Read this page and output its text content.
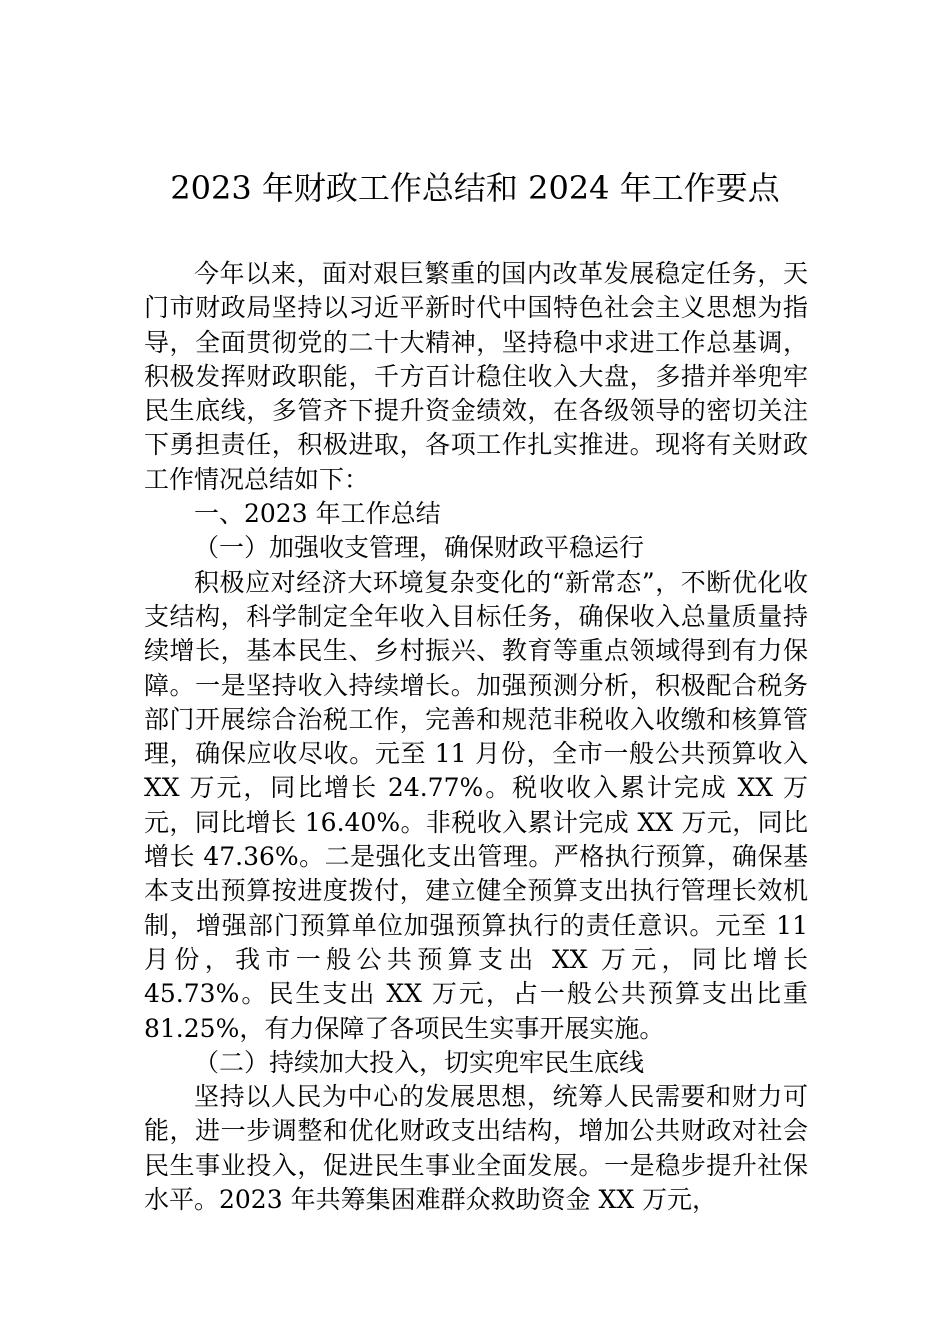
2023 年财政工作总结和 2024 年工作要点

今年以来，面对艰巨繁重的国内改革发展稳定任务，天门市财政局坚持以习近平新时代中国特色社会主义思想为指导，全面贯彻党的二十大精神，坚持稳中求进工作总基调，积极发挥财政职能，千方百计稳住收入大盘，多措并举兜牢民生底线，多管齐下提升资金绩效，在各级领导的密切关注下勇担责任，积极进取，各项工作扎实推进。现将有关财政工作情况总结如下：

一、2023 年工作总结

（一）加强收支管理，确保财政平稳运行

积极应对经济大环境复杂变化的“新常态”，不断优化收支结构，科学制定全年收入目标任务，确保收入总量质量持续增长，基本民生、乡村振兴、教育等重点领域得到有力保障。一是坚持收入持续增长。加强预测分析，积极配合税务部门开展综合治税工作，完善和规范非税收入收缴和核算管理，确保应收尽收。元至 11 月份，全市一般公共预算收入 XX 万元，同比增长 24.77%。税收收入累计完成 XX 万元，同比增长 16.40%。非税收入累计完成 XX 万元，同比增长 47.36%。二是强化支出管理。严格执行预算，确保基本支出预算按进度拨付，建立健全预算支出执行管理长效机制，增强部门预算单位加强预算执行的责任意识。元至 11 月份，我市一般公共预算支出 XX 万元，同比增长 45.73%。民生支出 XX 万元，占一般公共预算支出比重 81.25%，有力保障了各项民生实事开展实施。

（二）持续加大投入，切实兜牢民生底线

坚持以人民为中心的发展思想，统筹人民需要和财力可能，进一步调整和优化财政支出结构，增加公共财政对社会民生事业投入，促进民生事业全面发展。一是稳步提升社保水平。2023 年共筹集困难群众救助资金 XX 万元，
